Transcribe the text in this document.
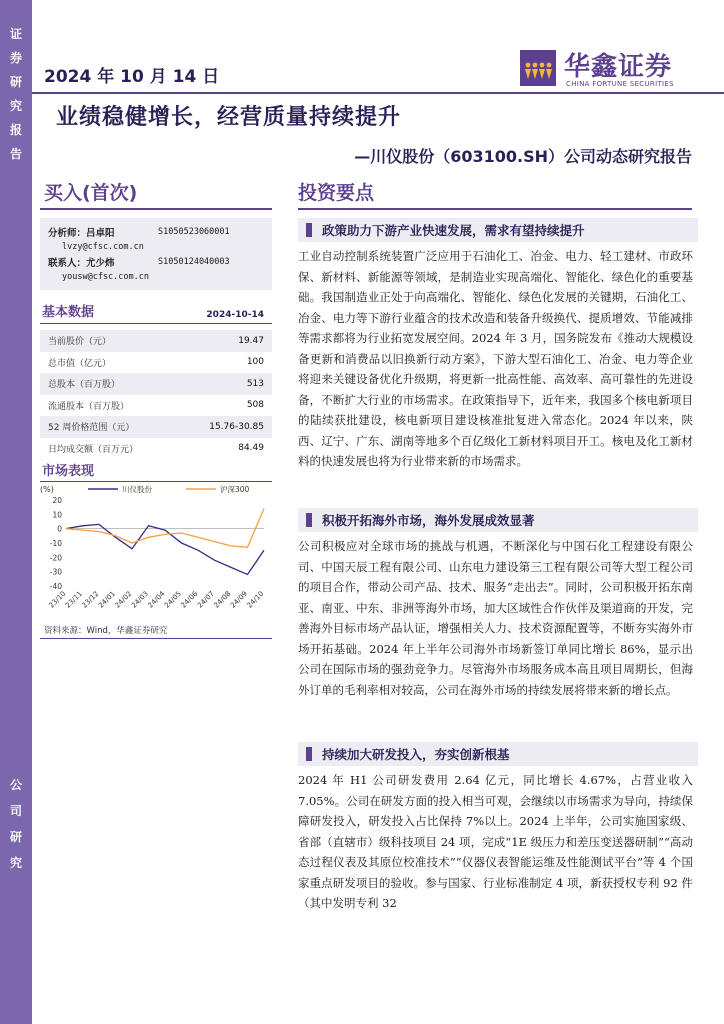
证
券
研
究
报
告
公
司
研
究
2024 年 10 月 14 日	华鑫证券
CHINA FORTUNE SECURITIES
业绩稳健增长，经营质量持续提升
—川仪股份（603100.SH）公司动态研究报告
买入(首次)	投资要点
分析师：吕卓阳	S1050523060001
lvzy@cfsc.com.cn
联系人：尤少炜	S1050124040003
yousw@cfsc.com.cn
基本数据	2024-10-14
当前股价（元）	19.47
总市值（亿元）	100
总股本（百万股）	513
流通股本（百万股）	508
52 周价格范围（元）	15.76-30.85
日均成交额（百万元）	84.49
市场表现
(%)
20
10
0
-10
-20
-30
-40
23/10
23/11
23/12
24/01
24/02
24/03
24/04
24/05
24/06
24/07
24/08
24/09
24/10
川仪股份	沪深300
资料来源：Wind，华鑫证券研究
政策助力下游产业快速发展，需求有望持续提升
工业自动控制系统装置广泛应用于石油化工、冶金、电力、轻工建材、市政环保、新材料、新能源等领域，是制造业实现高端化、智能化、绿色化的重要基础。我国制造业正处于向高端化、智能化、绿色化发展的关键期，石油化工、冶金、电力等下游行业蕴含的技术改造和装备升级换代、提质增效、节能减排等需求都将为行业拓宽发展空间。2024 年 3 月，国务院发布《推动大规模设备更新和消费品以旧换新行动方案》，下游大型石油化工、冶金、电力等企业将迎来关键设备优化升级期，将更新一批高性能、高效率、高可靠性的先进设备，不断扩大行业的市场需求。在政策指导下，近年来，我国多个核电新项目的陆续获批建设，核电新项目建设核准批复进入常态化。2024 年以来，陕西、辽宁、广东、湖南等地多个百亿级化工新材料项目开工。核电及化工新材料的快速发展也将为行业带来新的市场需求。
积极开拓海外市场，海外发展成效显著
公司积极应对全球市场的挑战与机遇，不断深化与中国石化工程建设有限公司、中国天辰工程有限公司、山东电力建设第三工程有限公司等大型工程公司的项目合作，带动公司产品、技术、服务“走出去”。同时，公司积极开拓东南亚、南亚、中东、非洲等海外市场，加大区域性合作伙伴及渠道商的开发，完善海外目标市场产品认证，增强相关人力、技术资源配置等，不断夯实海外市场开拓基础。2024 年上半年公司海外市场新签订单同比增长 86%，显示出公司在国际市场的强劲竞争力。尽管海外市场服务成本高且项目周期长，但海外订单的毛利率相对较高，公司在海外市场的持续发展将带来新的增长点。
持续加大研发投入，夯实创新根基
2024 年 H1 公司研发费用 2.64 亿元，同比增长 4.67%，占营业收入 7.05%。公司在研发方面的投入相当可观，会继续以市场需求为导向，持续保障研发投入，研发投入占比保持 7%以上。2024 上半年，公司实施国家级、省部（直辖市）级科技项目 24 项，完成“1E 级压力和差压变送器研制”“高动态过程仪表及其原位校准技术”“仪器仪表智能运维及性能测试平台”等 4 个国家重点研发项目的验收。参与国家、行业标准制定 4 项，新获授权专利 92 件（其中发明专利 32
